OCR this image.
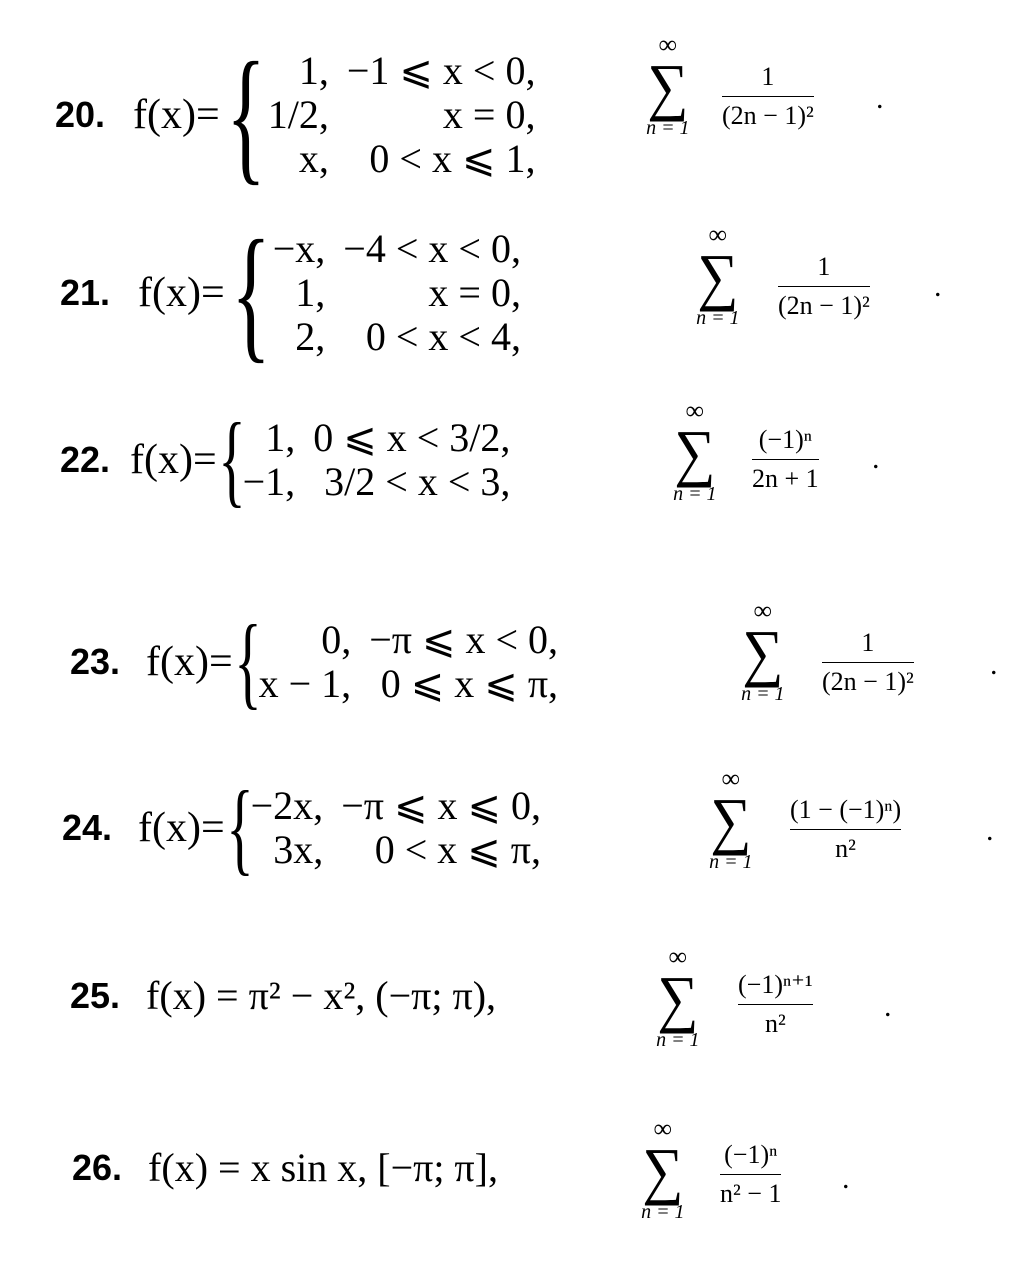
20. f(x)= { 1, −1 ⩽ x < 0,
1/2,	x = 0,
x,	0 < x ⩽ 1,
∞
∑
n = 1
1
(2n − 1)²
.
21. f(x)= { −x, −4 < x < 0,
1,	x = 0,
2,	0 < x < 4,
∞
∑
n = 1
1
(2n − 1)²
.
22. f(x)= { 1, 0 ⩽ x < 3/2,
−1, 3/2 < x < 3,
∞
∑
n = 1
(−1)ⁿ
2n + 1
.
23. f(x)= {	0, −π ⩽ x < 0,
x − 1, 0 ⩽ x ⩽ π,
∞
∑
n = 1
1
(2n − 1)²
.
24. f(x)= {
−2x, −π ⩽ x ⩽ 0,
3x,	0 < x ⩽ π,
∞
∑
n = 1
(1 − (−1)ⁿ)
n²
.
25. f(x) = π² − x², (−π; π),
∞
∑
n = 1
(−1)ⁿ⁺¹
n²
.
26. f(x) = x sin x, [−π; π],
∞
∑
n = 1
(−1)ⁿ
n² − 1 .
